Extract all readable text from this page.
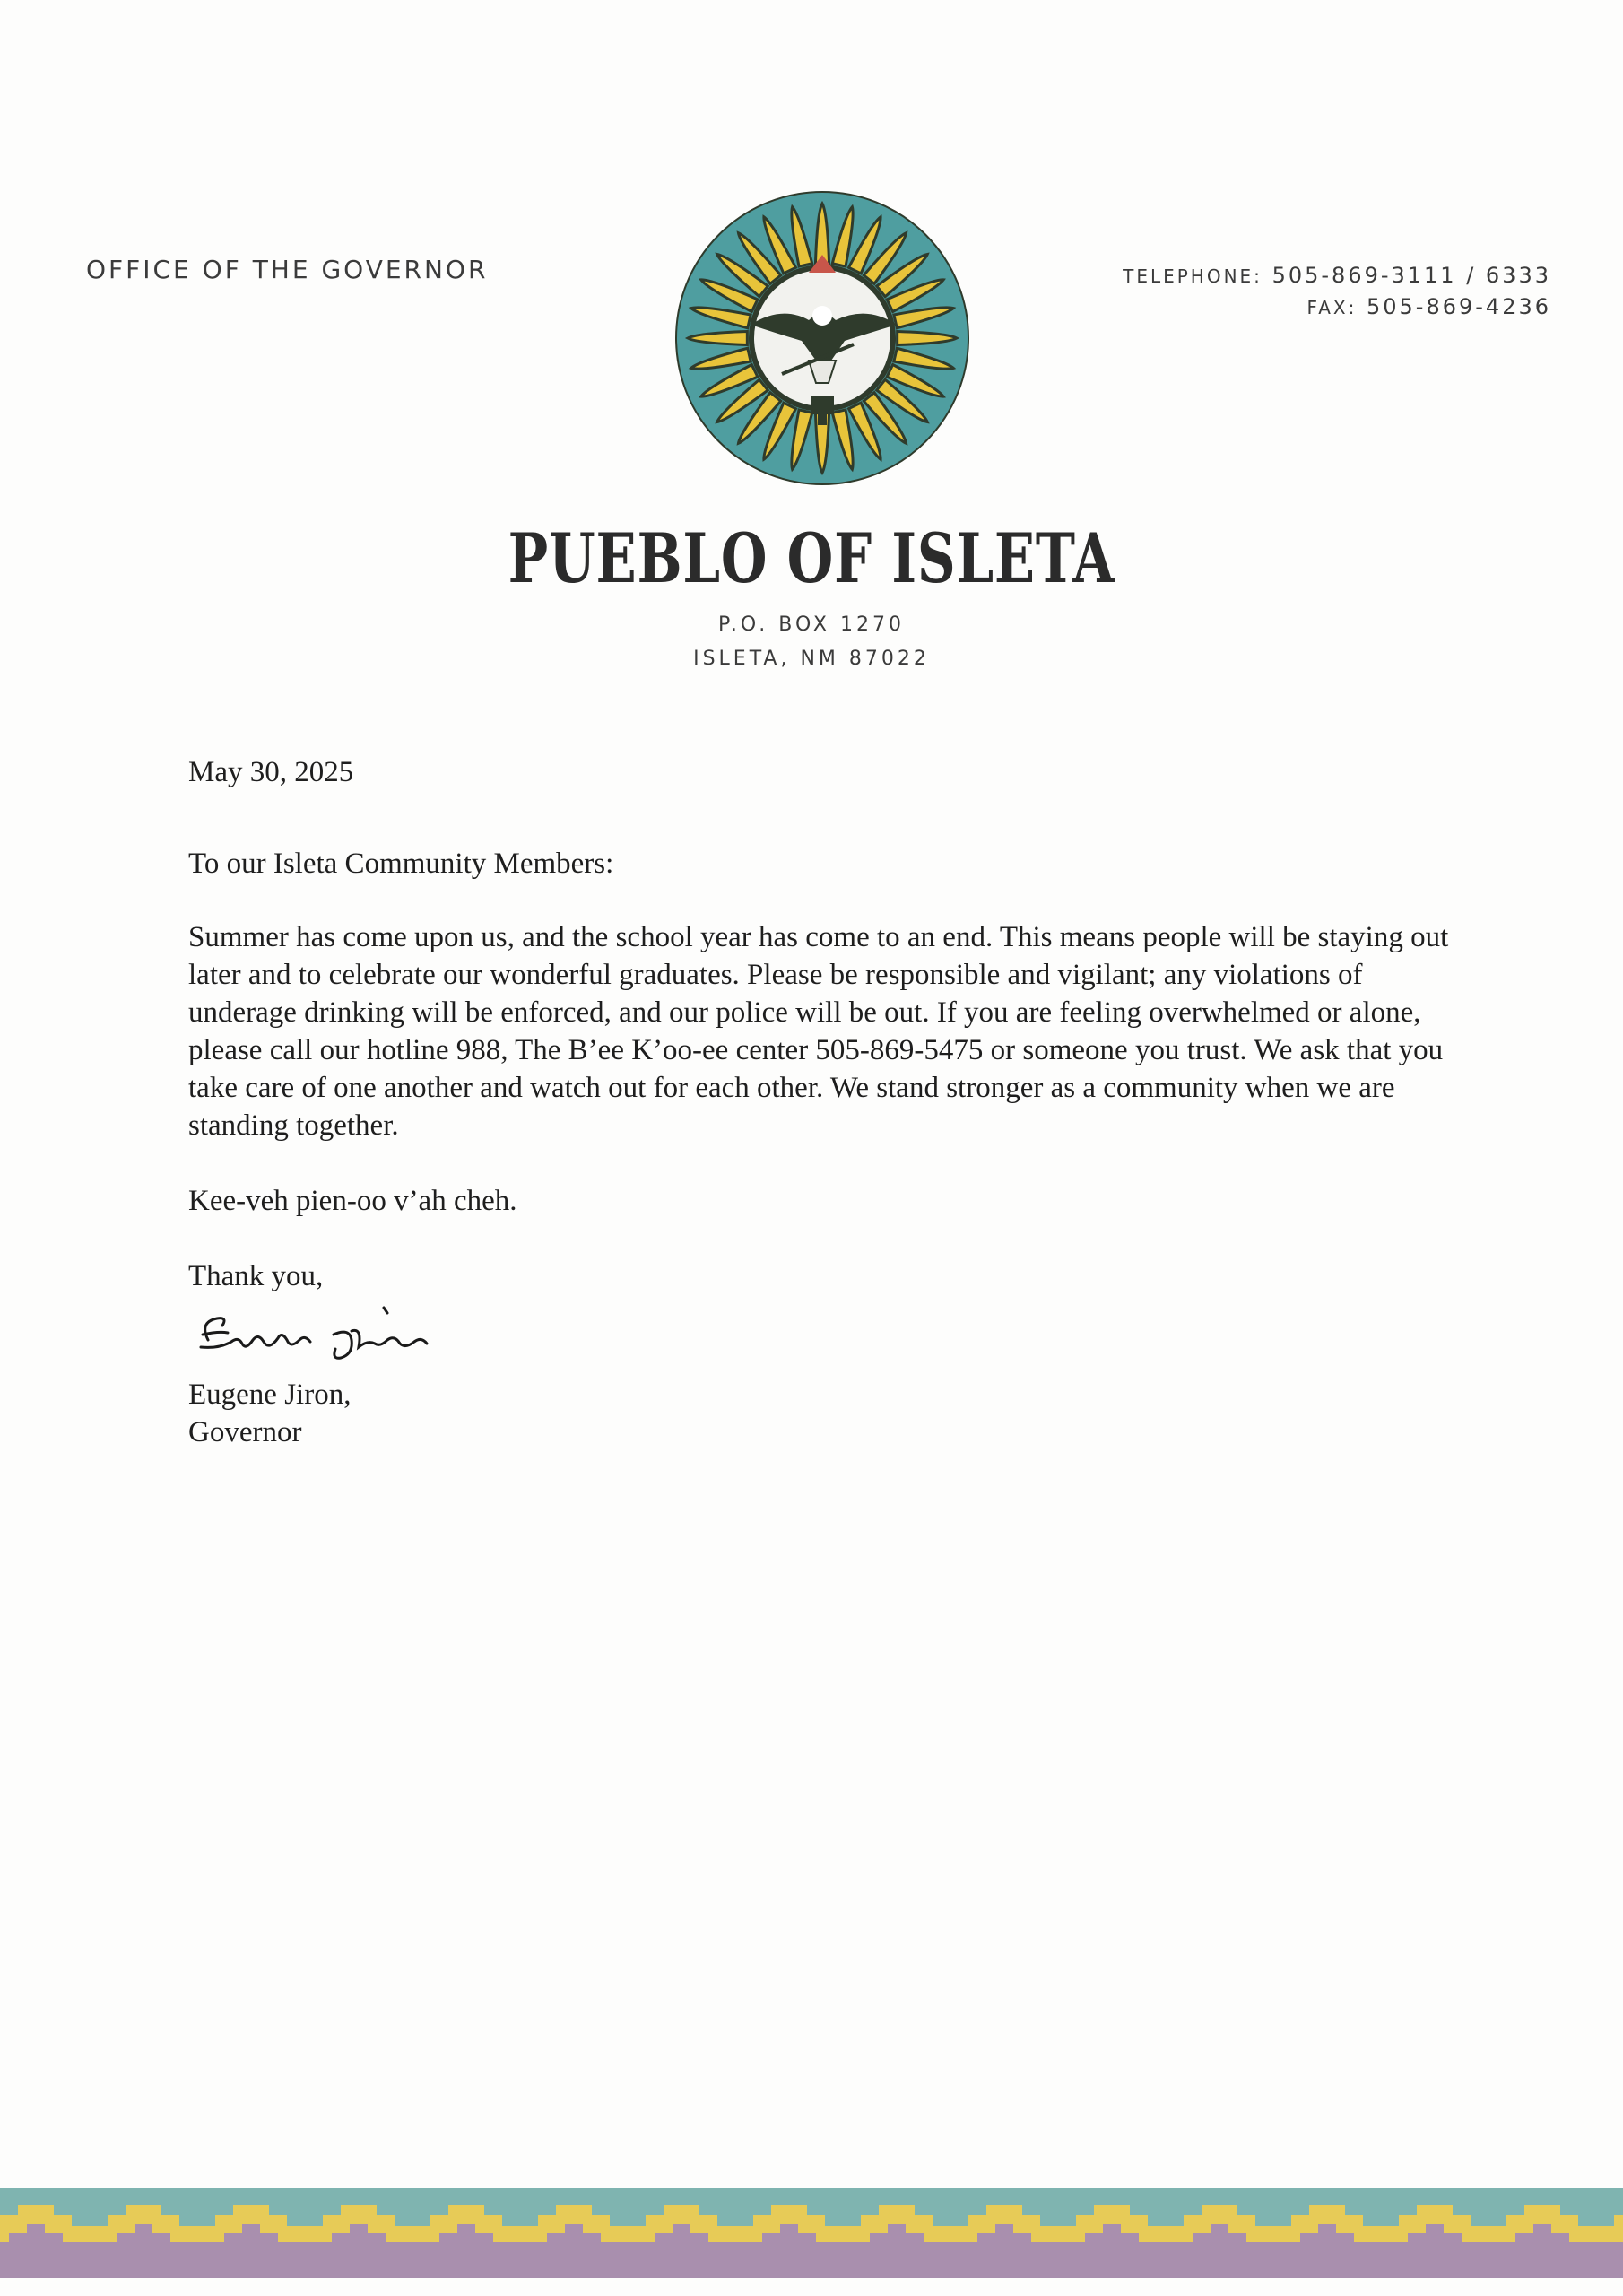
OFFICE OF THE GOVERNOR	TELEPHONE: 505-869-3111 / 6333
FAX: 505-869-4236
PUEBLO OF ISLETA
P.O. BOX 1270
ISLETA, NM 87022

May 30, 2025

To our Isleta Community Members:

Summer has come upon us, and the school year has come to an end. This means people will be staying out later and to celebrate our wonderful graduates. Please be responsible and vigilant; any violations of underage drinking will be enforced, and our police will be out. If you are feeling overwhelmed or alone, please call our hotline 988, The B’ee K’oo-ee center 505-869-5475 or someone you trust. We ask that you take care of one another and watch out for each other. We stand stronger as a community when we are standing together.

Kee-veh pien-oo v’ah cheh.

Thank you,

Eugene Jiron,

Governor
